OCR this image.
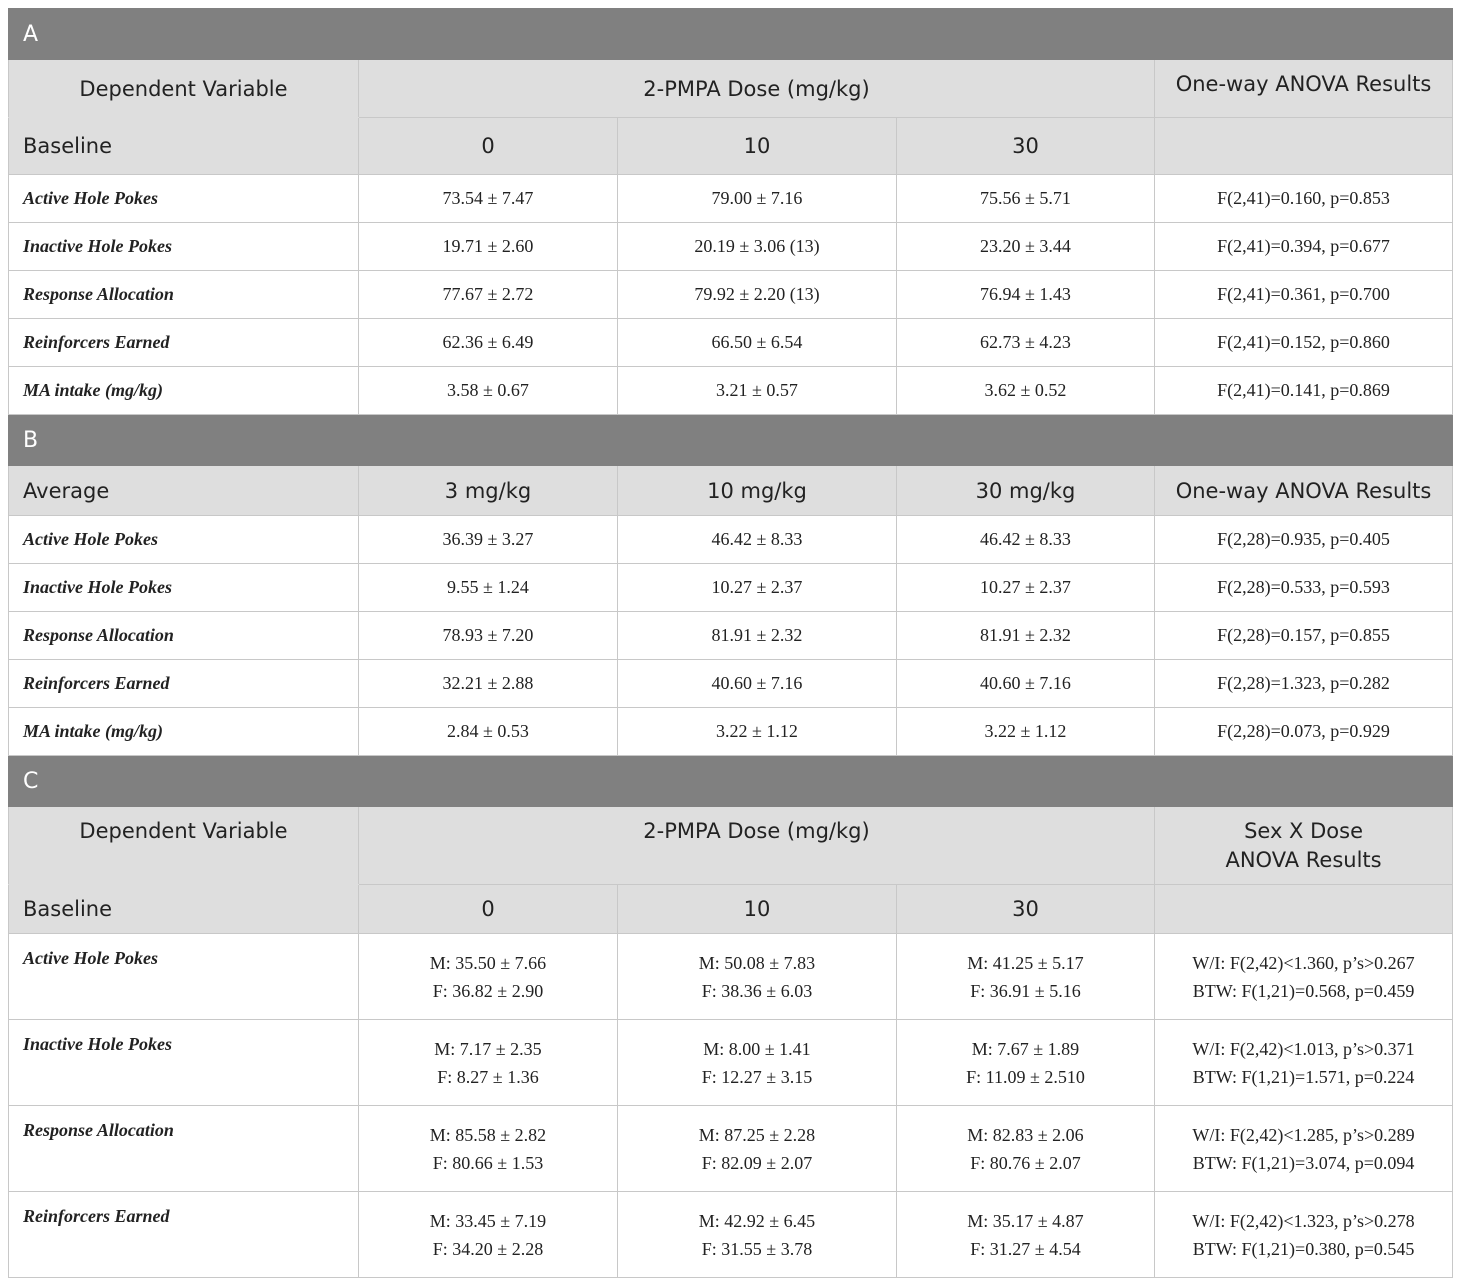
A				
Dependent Variable	2-PMPA Dose (mg/kg)			One-way ANOVA Results
Baseline	0	10	30	
Active Hole Pokes	73.54 ± 7.47	79.00 ± 7.16	75.56 ± 5.71	F(2,41)=0.160, p=0.853
Inactive Hole Pokes	19.71 ± 2.60	20.19 ± 3.06 (13)	23.20 ± 3.44	F(2,41)=0.394, p=0.677
Response Allocation	77.67 ± 2.72	79.92 ± 2.20 (13)	76.94 ± 1.43	F(2,41)=0.361, p=0.700
Reinforcers Earned	62.36 ± 6.49	66.50 ± 6.54	62.73 ± 4.23	F(2,41)=0.152, p=0.860
MA intake (mg/kg)	3.58 ± 0.67	3.21 ± 0.57	3.62 ± 0.52	F(2,41)=0.141, p=0.869
B				
Average	3 mg/kg	10 mg/kg	30 mg/kg	One-way ANOVA Results
Active Hole Pokes	36.39 ± 3.27	46.42 ± 8.33	46.42 ± 8.33	F(2,28)=0.935, p=0.405
Inactive Hole Pokes	9.55 ± 1.24	10.27 ± 2.37	10.27 ± 2.37	F(2,28)=0.533, p=0.593
Response Allocation	78.93 ± 7.20	81.91 ± 2.32	81.91 ± 2.32	F(2,28)=0.157, p=0.855
Reinforcers Earned	32.21 ± 2.88	40.60 ± 7.16	40.60 ± 7.16	F(2,28)=1.323, p=0.282
MA intake (mg/kg)	2.84 ± 0.53	3.22 ± 1.12	3.22 ± 1.12	F(2,28)=0.073, p=0.929
C				
Dependent Variable	2-PMPA Dose (mg/kg)			Sex X Dose
ANOVA Results

Baseline	0	10	30	
Active Hole Pokes	M: 35.50 ± 7.66
F: 36.82 ± 2.90	M: 50.08 ± 7.83
F: 38.36 ± 6.03	M: 41.25 ± 5.17
F: 36.91 ± 5.16	W/I: F(2,42)<1.360, p’s>0.267
BTW: F(1,21)=0.568, p=0.459

Inactive Hole Pokes	M: 7.17 ± 2.35
F: 8.27 ± 1.36	M: 8.00 ± 1.41
F: 12.27 ± 3.15	M: 7.67 ± 1.89
F: 11.09 ± 2.510	W/I: F(2,42)<1.013, p’s>0.371
BTW: F(1,21)=1.571, p=0.224

Response Allocation	M: 85.58 ± 2.82
F: 80.66 ± 1.53	M: 87.25 ± 2.28
F: 82.09 ± 2.07	M: 82.83 ± 2.06
F: 80.76 ± 2.07	W/I: F(2,42)<1.285, p’s>0.289
BTW: F(1,21)=3.074, p=0.094

Reinforcers Earned	M: 33.45 ± 7.19
F: 34.20 ± 2.28	M: 42.92 ± 6.45
F: 31.55 ± 3.78	M: 35.17 ± 4.87
F: 31.27 ± 4.54	W/I: F(2,42)<1.323, p’s>0.278
BTW: F(1,21)=0.380, p=0.545
